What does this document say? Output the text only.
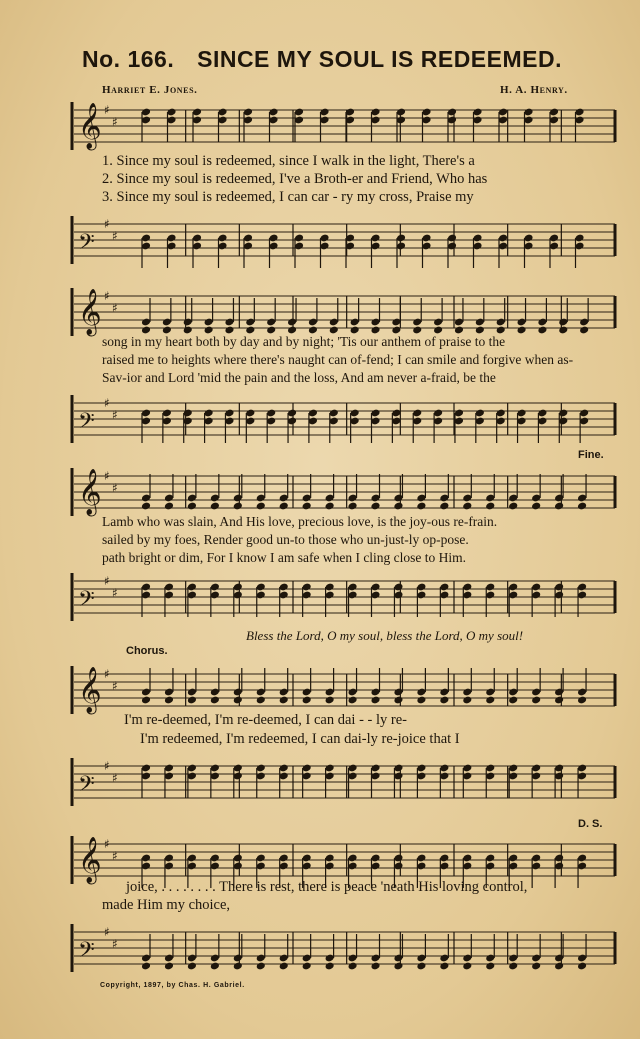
No. 166. SINCE MY SOUL IS REDEEMED.
Harriet E. Jones.	H. A. Henry.
𝄞 ♯
♯
1. Since my soul is redeemed, since I walk in the light, There's a
2. Since my soul is redeemed, I've a Broth-er and Friend, Who has
3. Since my soul is redeemed, I can car - ry my cross, Praise my
𝄢
♯
♯
𝄞 ♯
♯
song in my heart both by day and by night; 'Tis our anthem of praise to the
raised me to heights where there's naught can of-fend; I can smile and forgive when as-
Sav-ior and Lord 'mid the pain and the loss, And am never a-fraid, be the
𝄢
♯
♯
Fine.
𝄞 ♯
♯
Lamb who was slain, And His love, precious love, is the joy-ous re-frain.
sailed by my foes, Render good un-to those who un-just-ly op-pose.
path bright or dim, For I know I am safe when I cling close to Him.
𝄢
♯
♯
Bless the Lord, O my soul, bless the Lord, O my soul!
Chorus.
𝄞 ♯
♯
I'm re-deemed, I'm re-deemed, I can dai - - ly re-
I'm redeemed, I'm redeemed, I can dai-ly re-joice that I
𝄢
♯
♯
D. S.
𝄞 ♯
♯
joice, . . . . . . . . There is rest, there is peace 'neath His loving control,
made Him my choice,
𝄢
♯
♯
Copyright, 1897, by Chas. H. Gabriel.
